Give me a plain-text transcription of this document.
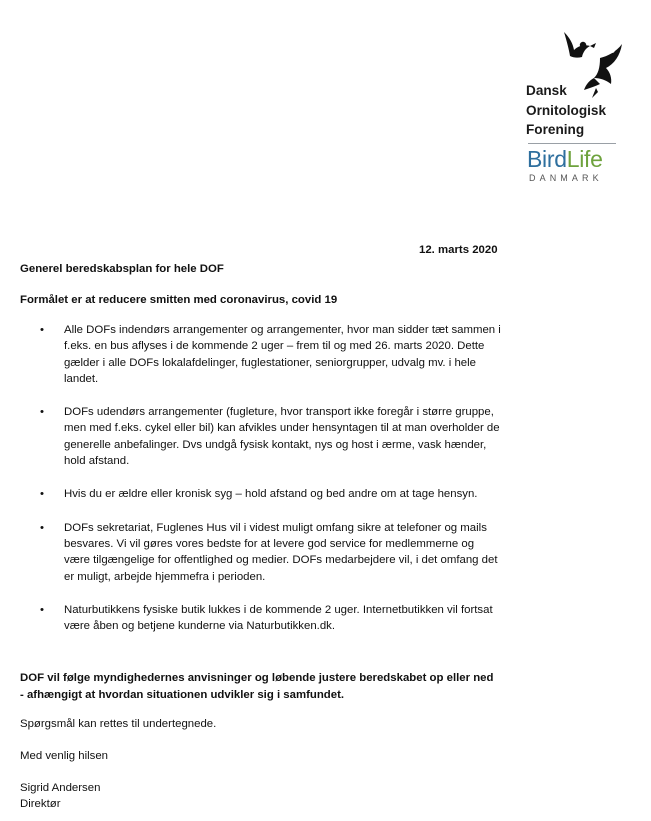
Dansk
Ornitologisk
Forening
BirdLife
DANMARK
12. marts 2020
Generel beredskabsplan for hele DOF
Formålet er at reducere smitten med coronavirus, covid 19
• Alle DOFs indendørs arrangementer og arrangementer, hvor man sidder tæt sammen i f.eks. en bus aflyses i de kommende 2 uger – frem til og med 26. marts 2020. Dette gælder i alle DOFs lokalafdelinger, fuglestationer, seniorgrupper, udvalg mv. i hele landet.
• DOFs udendørs arrangementer (fugleture, hvor transport ikke foregår i større gruppe, men med f.eks. cykel eller bil) kan afvikles under hensyntagen til at man overholder de generelle anbefalinger. Dvs undgå fysisk kontakt, nys og host i ærme, vask hænder, hold afstand.
• Hvis du er ældre eller kronisk syg – hold afstand og bed andre om at tage hensyn.
• DOFs sekretariat, Fuglenes Hus vil i videst muligt omfang sikre at telefoner og mails besvares. Vi vil gøres vores bedste for at levere god service for medlemmerne og være tilgængelige for offentlighed og medier. DOFs medarbejdere vil, i det omfang det er muligt, arbejde hjemmefra i perioden.
• Naturbutikkens fysiske butik lukkes i de kommende 2 uger. Internetbutikken vil fortsat være åben og betjene kunderne via Naturbutikken.dk.
DOF vil følge myndighedernes anvisninger og løbende justere beredskabet op eller ned - afhængigt at hvordan situationen udvikler sig i samfundet.
Spørgsmål kan rettes til undertegnede.
Med venlig hilsen
Sigrid Andersen
Direktør
